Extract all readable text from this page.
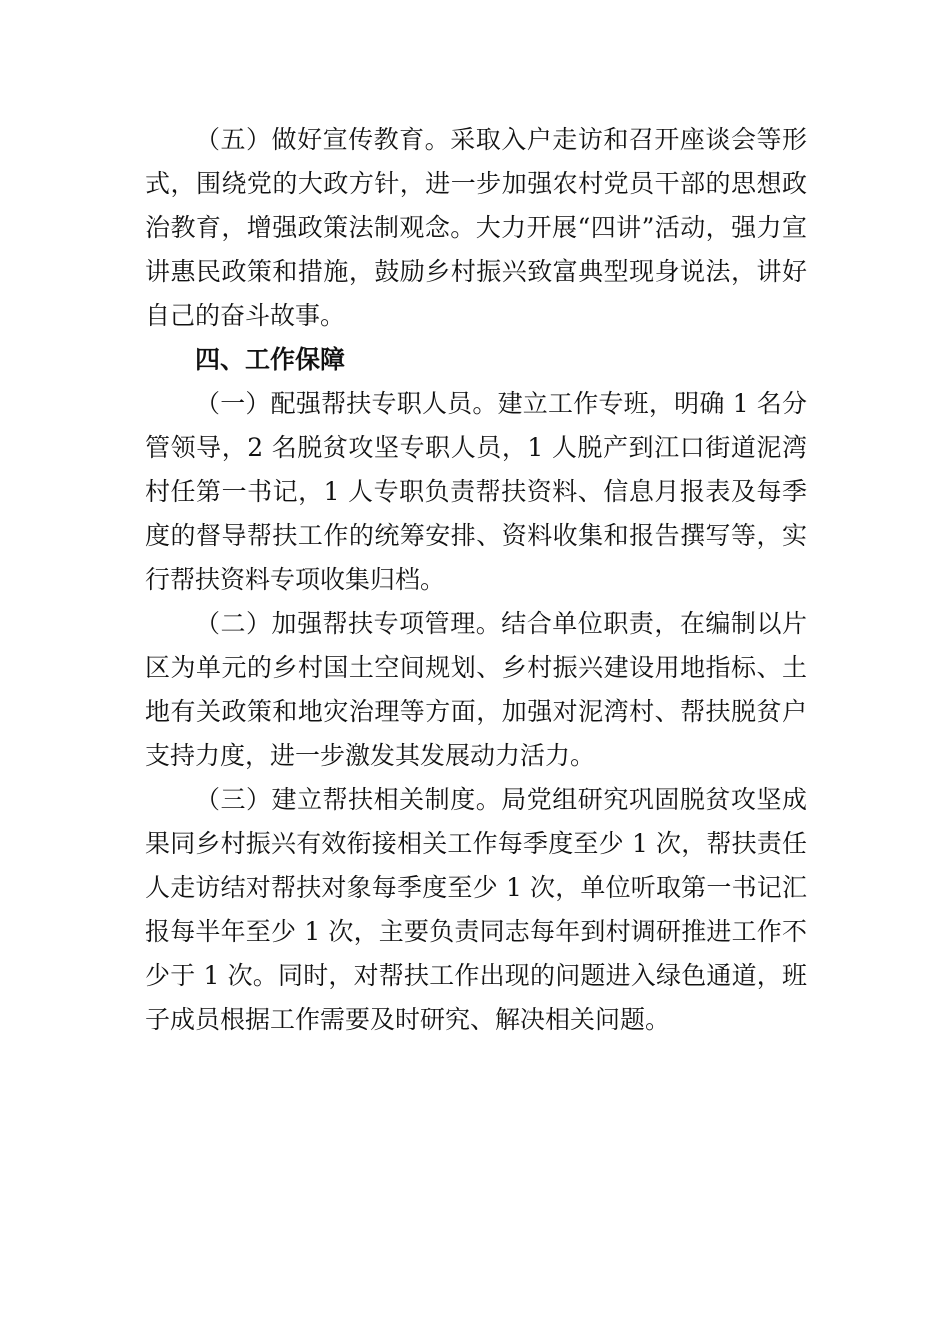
（五）做好宣传教育。采取入户走访和召开座谈会等形式，围绕党的大政方针，进一步加强农村党员干部的思想政治教育，增强政策法制观念。大力开展“四讲”活动，强力宣讲惠民政策和措施，鼓励乡村振兴致富典型现身说法，讲好自己的奋斗故事。

四、工作保障

（一）配强帮扶专职人员。建立工作专班，明确 1 名分管领导，2 名脱贫攻坚专职人员，1 人脱产到江口街道泥湾村任第一书记，1 人专职负责帮扶资料、信息月报表及每季度的督导帮扶工作的统筹安排、资料收集和报告撰写等，实行帮扶资料专项收集归档。

（二）加强帮扶专项管理。结合单位职责，在编制以片区为单元的乡村国土空间规划、乡村振兴建设用地指标、土地有关政策和地灾治理等方面，加强对泥湾村、帮扶脱贫户支持力度，进一步激发其发展动力活力。

（三）建立帮扶相关制度。局党组研究巩固脱贫攻坚成果同乡村振兴有效衔接相关工作每季度至少 1 次，帮扶责任人走访结对帮扶对象每季度至少 1 次，单位听取第一书记汇报每半年至少 1 次，主要负责同志每年到村调研推进工作不少于 1 次。同时，对帮扶工作出现的问题进入绿色通道，班子成员根据工作需要及时研究、解决相关问题。
